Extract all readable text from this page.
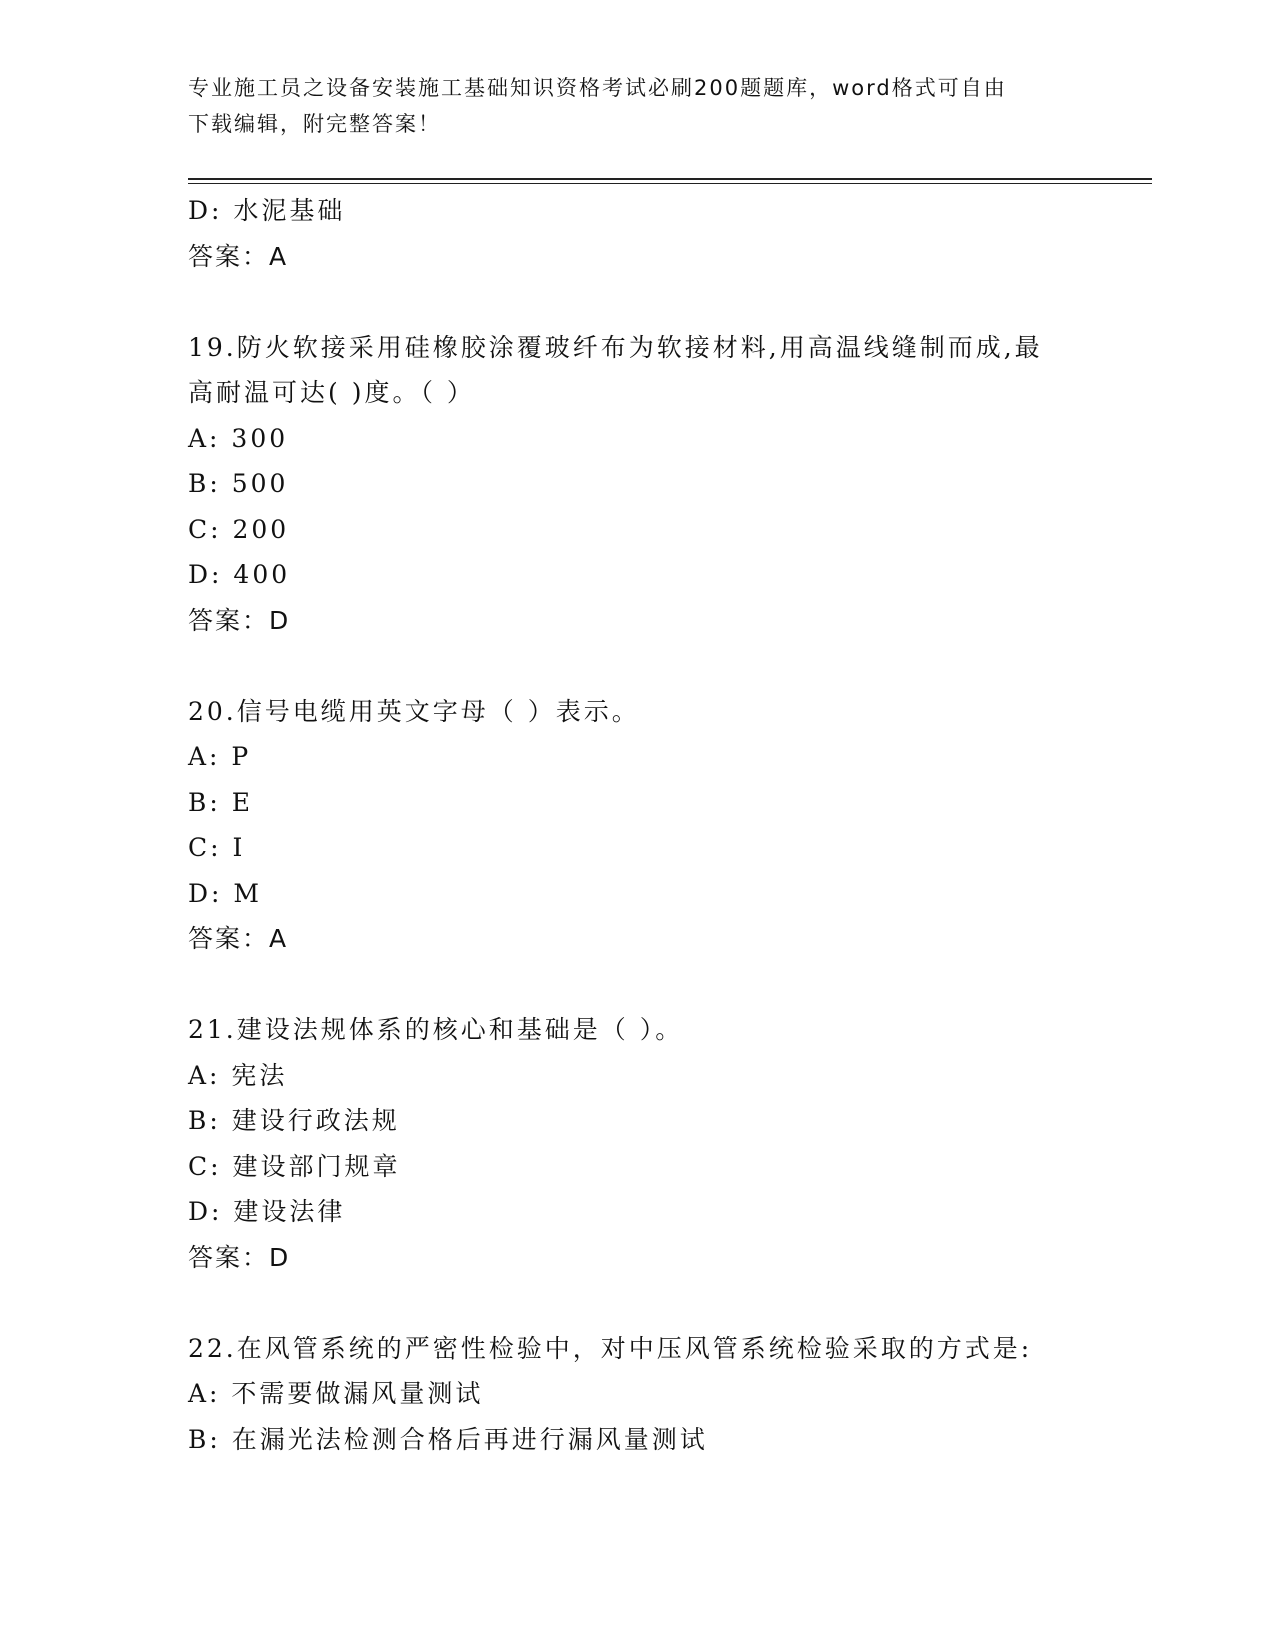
专业施工员之设备安装施工基础知识资格考试必刷200题题库，word格式可自由
下载编辑，附完整答案！
D: 水泥基础
答案：A
19.防火软接采用硅橡胶涂覆玻纤布为软接材料,用高温线缝制而成,最
高耐温可达( )度。（ ）
A: 300
B: 500
C: 200
D: 400
答案：D
20.信号电缆用英文字母（ ）表示。
A: P
B: E
C: I
D: M
答案：A
21.建设法规体系的核心和基础是（ ）。
A: 宪法
B: 建设行政法规
C: 建设部门规章
D: 建设法律
答案：D
22.在风管系统的严密性检验中，对中压风管系统检验采取的方式是:
A: 不需要做漏风量测试
B: 在漏光法检测合格后再进行漏风量测试
